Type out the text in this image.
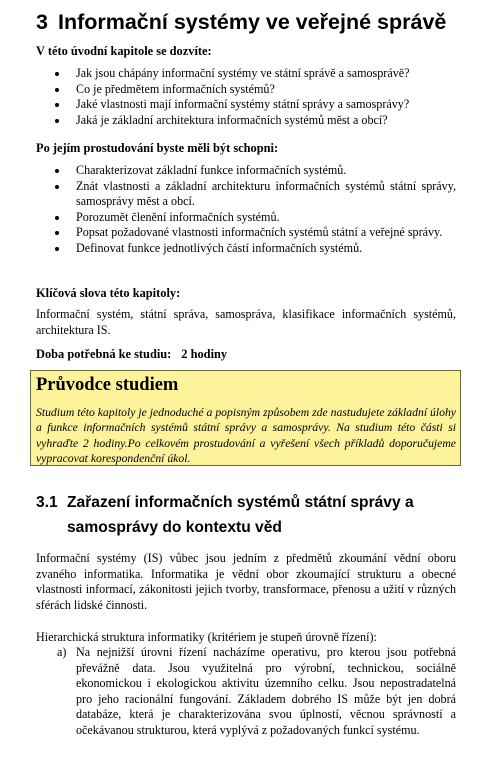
3 Informační systémy ve veřejné správě
V této úvodní kapitole se dozvíte:
Jak jsou chápány informační systémy ve státní správě a samosprávě?
Co je předmětem informačních systémů?
Jaké vlastnosti mají informační systémy státní správy a samosprávy?
Jaká je základní architektura informačních systémů měst a obcí?
Po jejím prostudování byste měli být schopni:
Charakterizovat základní funkce informačních systémů.
Znát vlastnosti a základní architekturu informačních systémů státní správy, samosprávy měst a obcí.
Porozumět členění informačních systémů.
Popsat požadované vlastnosti informačních systémů státní a veřejné správy.
Definovat funkce jednotlivých částí informačních systémů.
Klíčová slova této kapitoly:
Informační systém, státní správa, samospráva, klasifikace informačních systémů, architektura IS.
Doba potřebná ke studiu: 2 hodiny
Průvodce studiem
Studium této kapitoly je jednoduché a popisným způsobem zde nastudujete základní úlohy a funkce informačních systémů státní správy a samosprávy. Na studium této části si vyhraďte 2 hodiny.Po celkovém prostudování a vyřešení všech příkladů doporučujeme vypracovat korespondenční úkol.
3.1 Zařazení informačních systémů státní správy a
samosprávy do kontextu věd
Informační systémy (IS) vůbec jsou jedním z předmětů zkoumání vědní oboru zvaného informatika. Informatika je vědní obor zkoumající strukturu a obecné vlastnosti informací, zákonitosti jejich tvorby, transformace, přenosu a užití v různých sférách lidské činnosti.
Hierarchická struktura informatiky (kritériem je stupeň úrovně řízení):
a) Na nejnižší úrovni řízení nacházíme operativu, pro kterou jsou potřebná převážně data. Jsou využitelná pro výrobní, technickou, sociálně ekonomickou i ekologickou aktivitu územního celku. Jsou nepostradatelná pro jeho racionální fungování. Základem dobrého IS může být jen dobrá databáze, která je charakterizována svou úplností, věcnou správností a očekávanou strukturou, která vyplývá z požadovaných funkcí systému.
